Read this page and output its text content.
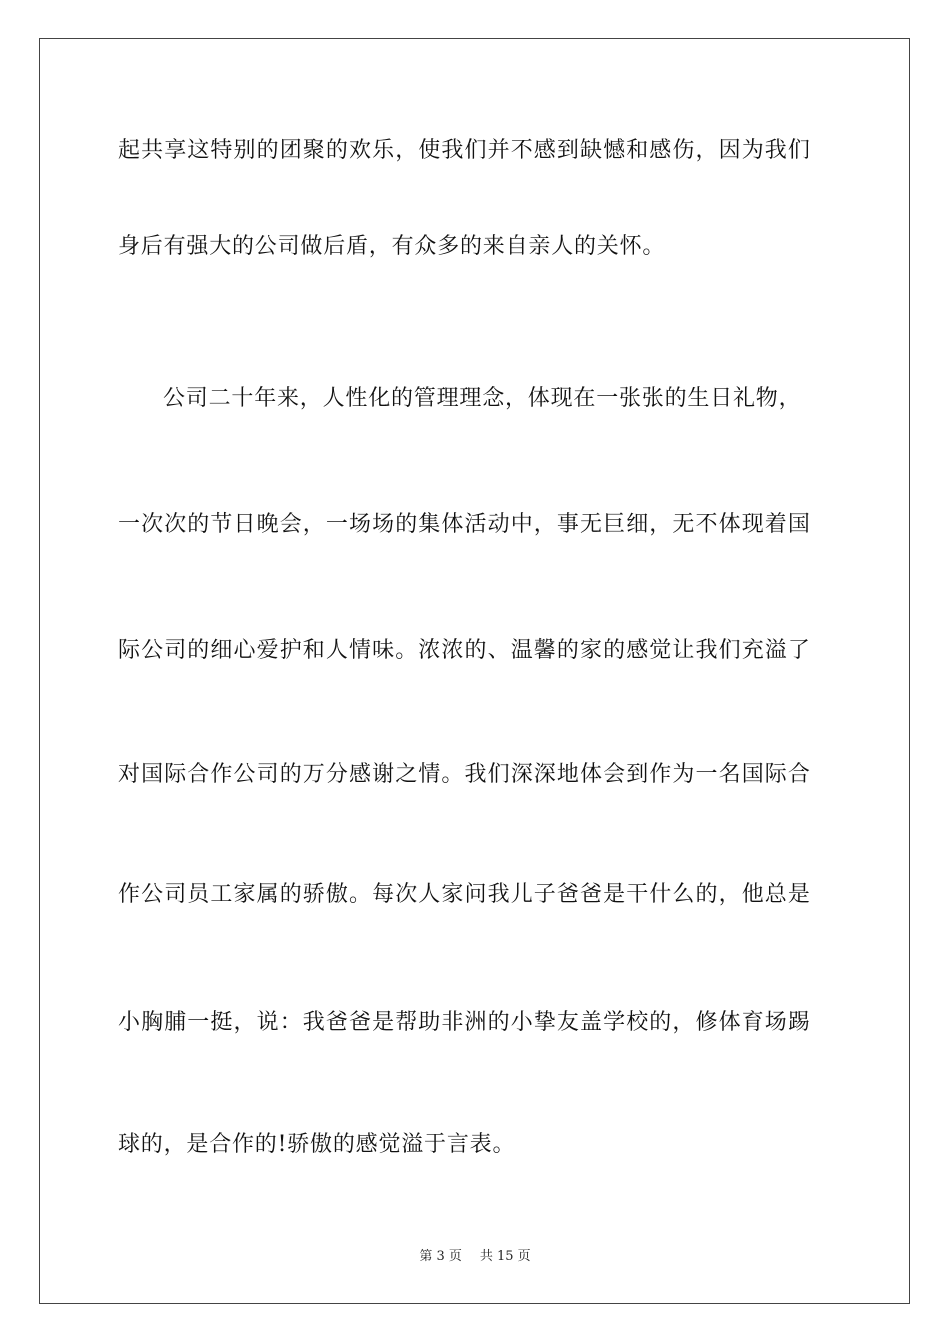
起共享这特别的团聚的欢乐，使我们并不感到缺憾和感伤，因为我们
身后有强大的公司做后盾，有众多的来自亲人的关怀。
公司二十年来，人性化的管理理念，体现在一张张的生日礼物，
一次次的节日晚会，一场场的集体活动中，事无巨细，无不体现着国
际公司的细心爱护和人情味。浓浓的、温馨的家的感觉让我们充溢了
对国际合作公司的万分感谢之情。我们深深地体会到作为一名国际合
作公司员工家属的骄傲。每次人家问我儿子爸爸是干什么的，他总是
小胸脯一挺，说：我爸爸是帮助非洲的小挚友盖学校的，修体育场踢
球的，是合作的!骄傲的感觉溢于言表。
第 3 页 共 15 页
